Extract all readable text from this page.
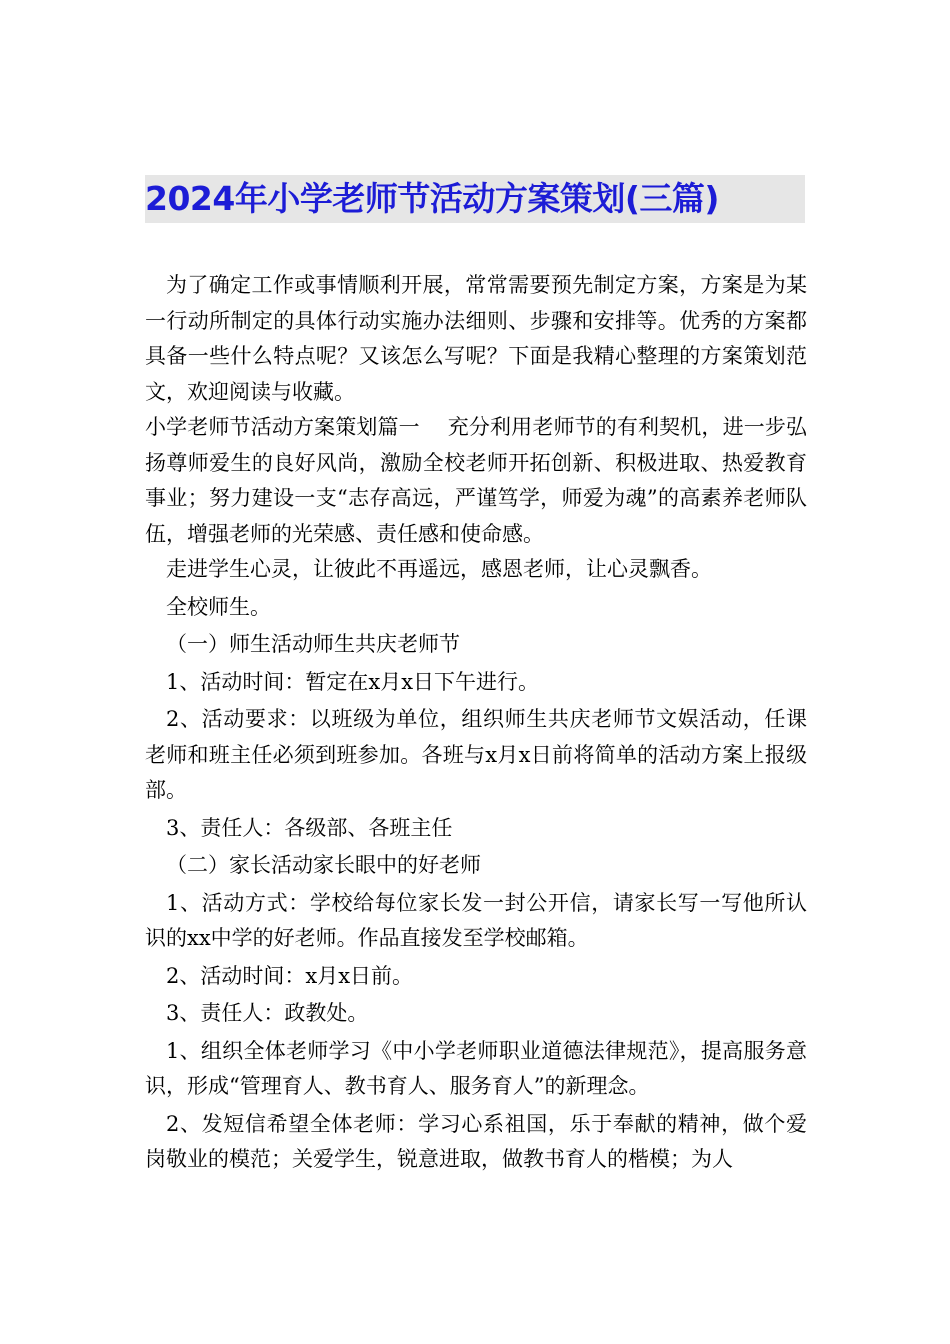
2024年小学老师节活动方案策划(三篇)

为了确定工作或事情顺利开展，常常需要预先制定方案，方案是为某一行动所制定的具体行动实施办法细则、步骤和安排等。优秀的方案都具备一些什么特点呢？又该怎么写呢？下面是我精心整理的方案策划范文，欢迎阅读与收藏。

小学老师节活动方案策划篇一　 充分利用老师节的有利契机，进一步弘扬尊师爱生的良好风尚，激励全校老师开拓创新、积极进取、热爱教育事业；努力建设一支“志存高远，严谨笃学，师爱为魂”的高素养老师队伍，增强老师的光荣感、责任感和使命感。

走进学生心灵，让彼此不再遥远，感恩老师，让心灵飘香。

全校师生。

（一）师生活动师生共庆老师节

1、活动时间：暂定在x月x日下午进行。

2、活动要求：以班级为单位，组织师生共庆老师节文娱活动，任课老师和班主任必须到班参加。各班与x月x日前将简单的活动方案上报级部。

3、责任人：各级部、各班主任

（二）家长活动家长眼中的好老师

1、活动方式：学校给每位家长发一封公开信，请家长写一写他所认识的xx中学的好老师。作品直接发至学校邮箱。

2、活动时间：x月x日前。

3、责任人：政教处。

1、组织全体老师学习《中小学老师职业道德法律规范》，提高服务意识，形成“管理育人、教书育人、服务育人”的新理念。

2、发短信希望全体老师：学习心系祖国，乐于奉献的精神，做个爱岗敬业的模范；关爱学生，锐意进取，做教书育人的楷模；为人
